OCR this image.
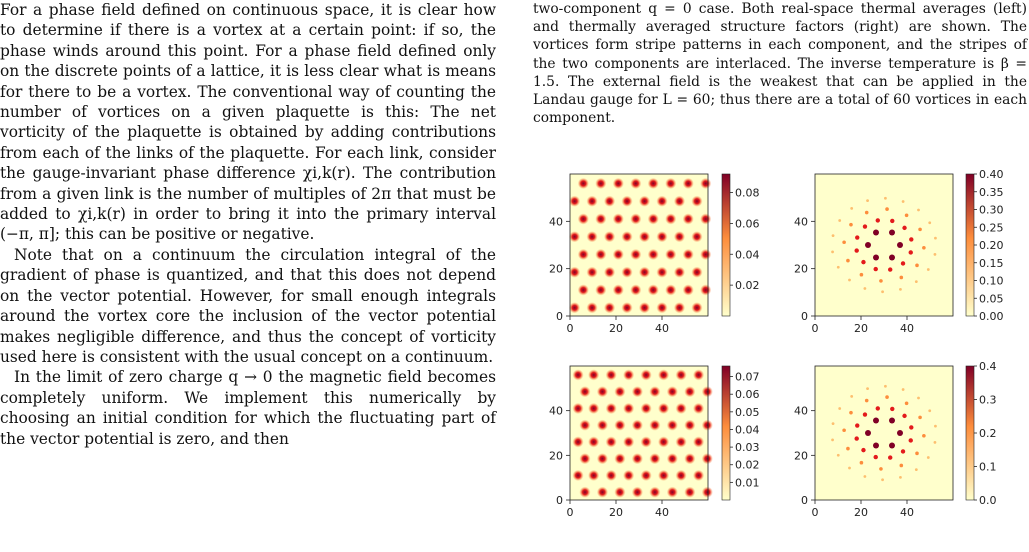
For a phase field defined on continuous space, it is clear how to determine if there is a vortex at a certain point: if so, the phase winds around this point. For a phase field defined only on the discrete points of a lattice, it is less clear what is means for there to be a vortex. The conventional way of counting the number of vortices on a given plaquette is this: The net vorticity of the plaquette is obtained by adding contributions from each of the links of the plaquette. For each link, consider the gauge-invariant phase difference χi,k(r). The contribution from a given link is the number of multiples of 2π that must be added to χi,k(r) in order to bring it into the primary interval (−π, π]; this can be positive or negative.

Note that on a continuum the circulation integral of the gradient of phase is quantized, and that this does not depend on the vector potential. However, for small enough integrals around the vortex core the inclusion of the vector potential makes negligible difference, and thus the concept of vorticity used here is consistent with the usual concept on a continuum.

In the limit of zero charge q → 0 the magnetic field becomes completely uniform. We implement this numerically by choosing an initial condition for which the fluctuating part of the vector potential is zero, and then

two-component q = 0 case. Both real-space thermal averages (left) and thermally averaged structure factors (right) are shown. The vortices form stripe patterns in each component, and the stripes of the two components are interlaced. The inverse temperature is β = 1.5. The external field is the weakest that can be applied in the Landau gauge for L = 60; thus there are a total of 60 vortices in each component.

0
0
20
20
40
40
0.02
0.04
0.06
0.08
0
0
20
20
40
40
0.00
0.05
0.10
0.15
0.20
0.25
0.30
0.35
0.40
0
0
20
20
40
40
0.01
0.02
0.03
0.04
0.05
0.06
0.07
0
0
20
20
40
40
0.0
0.1
0.2
0.3
0.4
